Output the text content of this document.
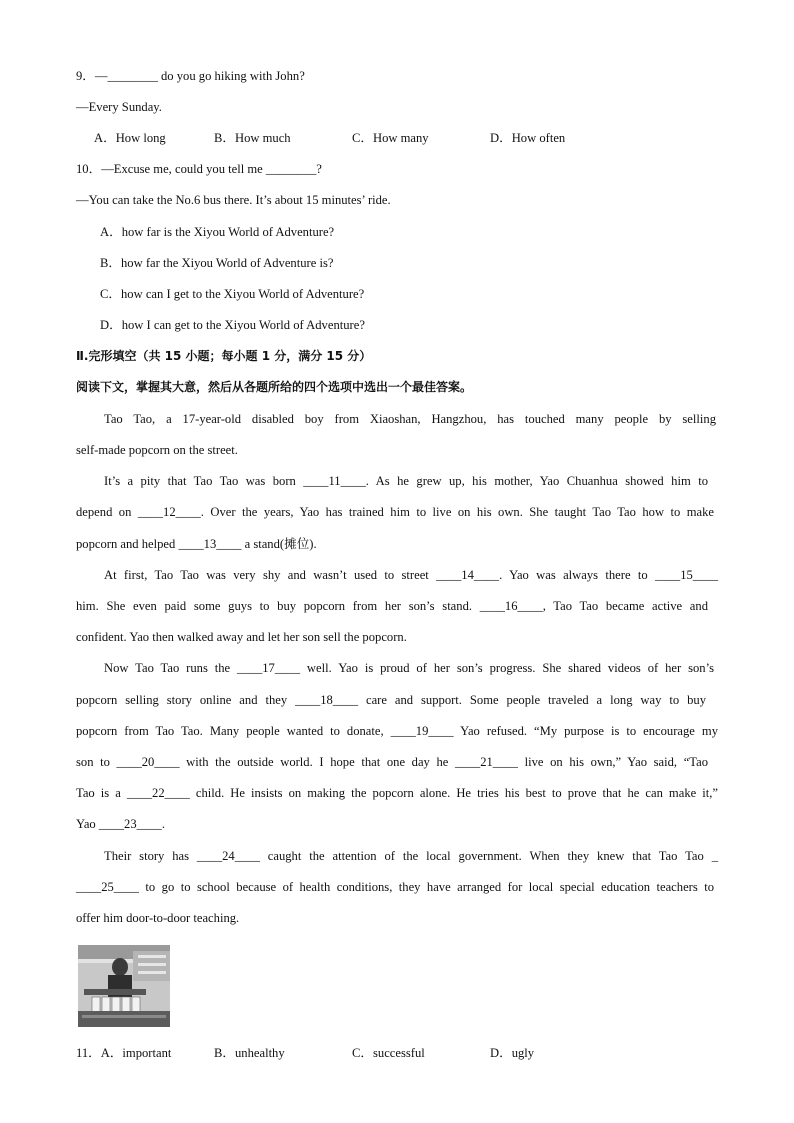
9．—________ do you go hiking with John?
—Every Sunday.
A．How long	B．How much	C．How many	D．How often
10．—Excuse me, could you tell me ________?
—You can take the No.6 bus there. It’s about 15 minutes’ ride.
A．how far is the Xiyou World of Adventure?
B．how far the Xiyou World of Adventure is?
C．how can I get to the Xiyou World of Adventure?
D．how I can get to the Xiyou World of Adventure?
Ⅱ.完形填空（共 15 小题；每小题 1 分，满分 15 分）
阅读下文，掌握其大意，然后从各题所给的四个选项中选出一个最佳答案。
Tao Tao, a 17-year-old disabled boy from Xiaoshan, Hangzhou, has touched many people by selling
self-made popcorn on the street.
It’s a pity that Tao Tao was born ____11____. As he grew up, his mother, Yao Chuanhua showed him to
depend on ____12____. Over the years, Yao has trained him to live on his own. She taught Tao Tao how to make
popcorn and helped ____13____ a stand(摊位).
At first, Tao Tao was very shy and wasn’t used to street ____14____. Yao was always there to ____15____
him. She even paid some guys to buy popcorn from her son’s stand. ____16____, Tao Tao became active and
confident. Yao then walked away and let her son sell the popcorn.
Now Tao Tao runs the ____17____ well. Yao is proud of her son’s progress. She shared videos of her son’s
popcorn selling story online and they ____18____ care and support. Some people traveled a long way to buy
popcorn from Tao Tao. Many people wanted to donate, ____19____ Yao refused. “My purpose is to encourage my
son to ____20____ with the outside world. I hope that one day he ____21____ live on his own,” Yao said, “Tao
Tao is a ____22____ child. He insists on making the popcorn alone. He tries his best to prove that he can make it,”
Yao ____23____.
Their story has ____24____ caught the attention of the local government. When they knew that Tao Tao _
____25____ to go to school because of health conditions, they have arranged for local special education teachers to
offer him door-to-door teaching.
11．A．important	B．unhealthy	C．successful	D．ugly
